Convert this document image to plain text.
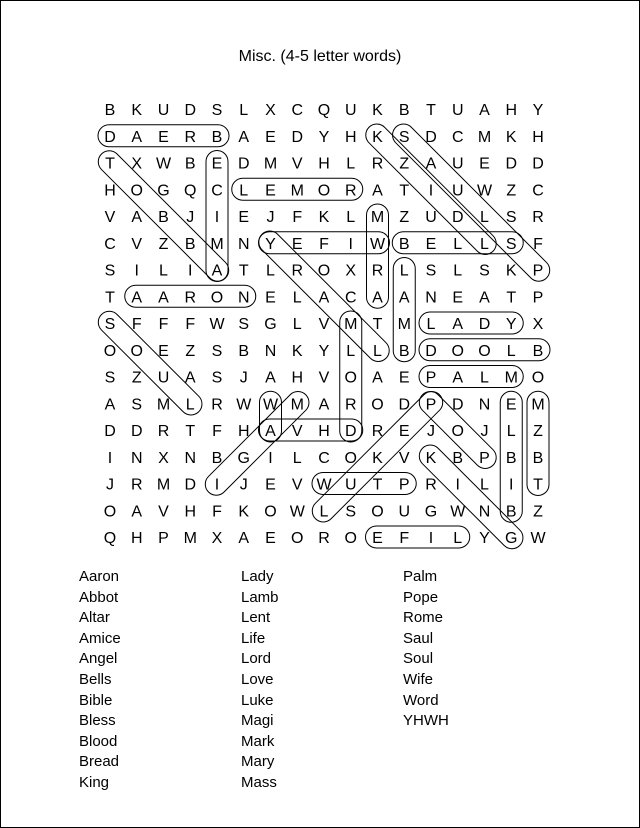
Misc. (4-5 letter words)
B K U D S L X C Q U K B T U A H Y
D A E R B A E D Y H K S D C M K H
T X W B E D M V H L R Z A U E D D
H O G Q C L E M O R A T I U W Z C
V A B J I E J F K L M Z U D L S R
C V Z B M N Y E F I W B E L L S F
S I L I A T L R O X R L S L S K P
T A A R O N E L A C A A N E A T P
S F F F W S G L V M T M L A D Y X
O O E Z S B N K Y L L B D O O L B
S Z U A S J A H V O A E P A L M O
A S M L R W W M A R O D P D N E M
D D R T F H A V H D R E J O J L Z
I N X N B G I L C O K V K B P B B
J R M D I J E V W U T P R I L I T
O A V H F K O W L S O U G W N B Z
Q H P M X A E O R O E F I L Y G W
Aaron
Abbot
Altar
Amice
Angel
Bells
Bible
Bless
Blood
Bread
King
Lady
Lamb
Lent
Life
Lord
Love
Luke
Magi
Mark
Mary
Mass
Palm
Pope
Rome
Saul
Soul
Wife
Word
YHWH
